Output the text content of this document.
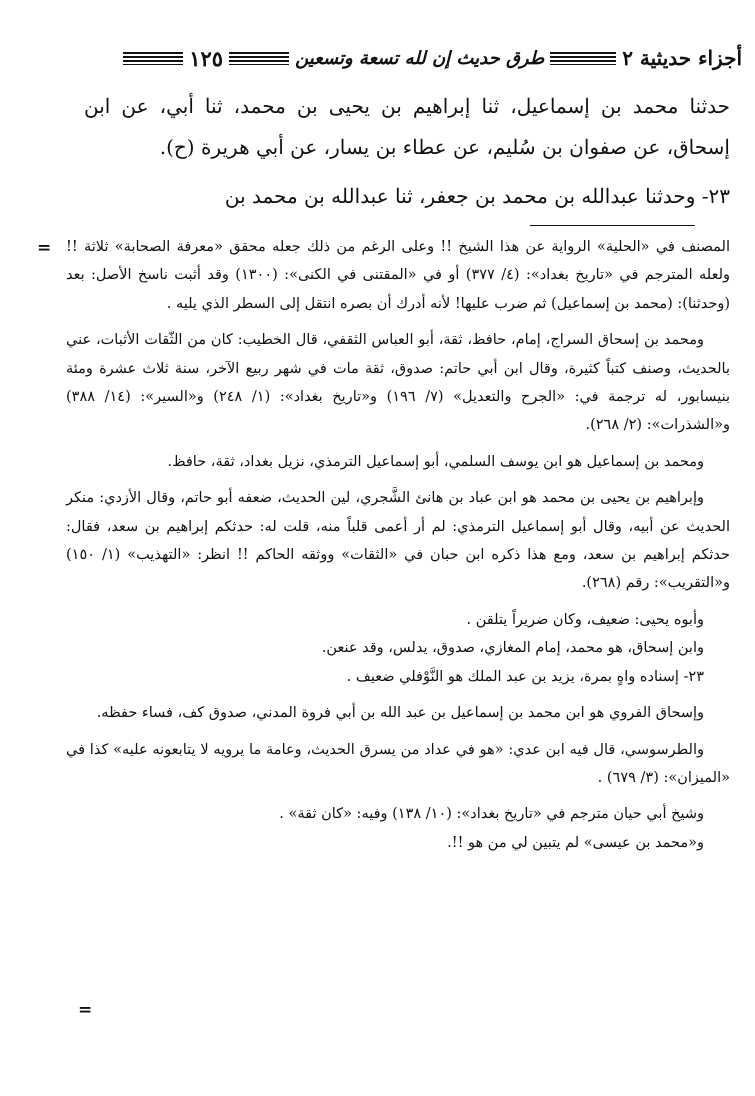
أجزاء حديثية ٢
طرق حديث إن لله تسعة وتسعين
١٢٥

حدثنا محمد بن إسماعيل، ثنا إبراهيم بن يحيى بن محمد، ثنا أبي، عن ابن إسحاق، عن صفوان بن سُليم، عن عطاء بن يسار، عن أبي هريرة (ح).

٢٣- وحدثنا عبدالله بن محمد بن جعفر، ثنا عبدالله بن محمد بن

= المصنف في «الحلية» الرواية عن هذا الشيخ !! وعلى الرغم من ذلك جعله محقق «معرفة الصحابة» ثلاثة !! ولعله المترجم في «تاريخ بغداد»: (٤/ ٣٧٧) أو في «المقتنى في الكنى»: (١٣٠٠) وقد أثبت ناسخ الأصل: بعد (وحدثنا): (محمد بن إسماعيل) ثم ضرب عليها! لأنه أدرك أن بصره انتقل إلى السطر الذي يليه .

ومحمد بن إسحاق السراج، إمام، حافظ، ثقة، أبو العباس الثقفي، قال الخطيب: كان من الثّقات الأثبات، عني بالحديث، وصنف كتباً كثيرة، وقال ابن أبي حاتم: صدوق، ثقة مات في شهر ربيع الآخر، سنة ثلاث عشرة ومئة بنيسابور، له ترجمة في: «الجرح والتعديل» (٧/ ١٩٦) و«تاريخ بغداد»: (١/ ٢٤٨) و«السير»: (١٤/ ٣٨٨) و«الشذرات»: (٢/ ٢٦٨).

ومحمد بن إسماعيل هو ابن يوسف السلمي، أبو إسماعيل الترمذي، نزيل بغداد، ثقة، حافظ.

وإبراهيم بن يحيى بن محمد هو ابن عباد بن هانئ الشَّجري، لين الحديث، ضعفه أبو حاتم، وقال الأزدي: منكر الحديث عن أبيه، وقال أبو إسماعيل الترمذي: لم أر أعمى قلباً منه، قلت له: حدثكم إبراهيم بن سعد، فقال: حدثكم إبراهيم بن سعد، ومع هذا ذكره ابن حبان في «الثقات» ووثقه الحاكم !! انظر: «التهذيب» (١/ ١٥٠) و«التقريب»: رقم (٢٦٨).

وأبوه يحيى: ضعيف، وكان ضريراً يتلقن .

وابن إسحاق، هو محمد، إمام المغازي، صدوق، يدلس، وقد عنعن.

٢٣- إسناده واهٍ بمرة، يزيد بن عبد الملك هو النَّوْفلي ضعيف .

وإسحاق الفروي هو ابن محمد بن إسماعيل بن عبد الله بن أبي فروة المدني، صدوق كف، فساء حفظه.

والطرسوسي، قال فيه ابن عدي: «هو في عداد من يسرق الحديث، وعامة ما يرويه لا يتابعونه عليه» كذا في «الميزان»: (٣/ ٦٧٩) .

وشيخ أبي حيان مترجم في «تاريخ بغداد»: (١٠/ ١٣٨) وفيه: «كان ثقة» .

و«محمد بن عيسى» لم يتبين لي من هو !!.

=
